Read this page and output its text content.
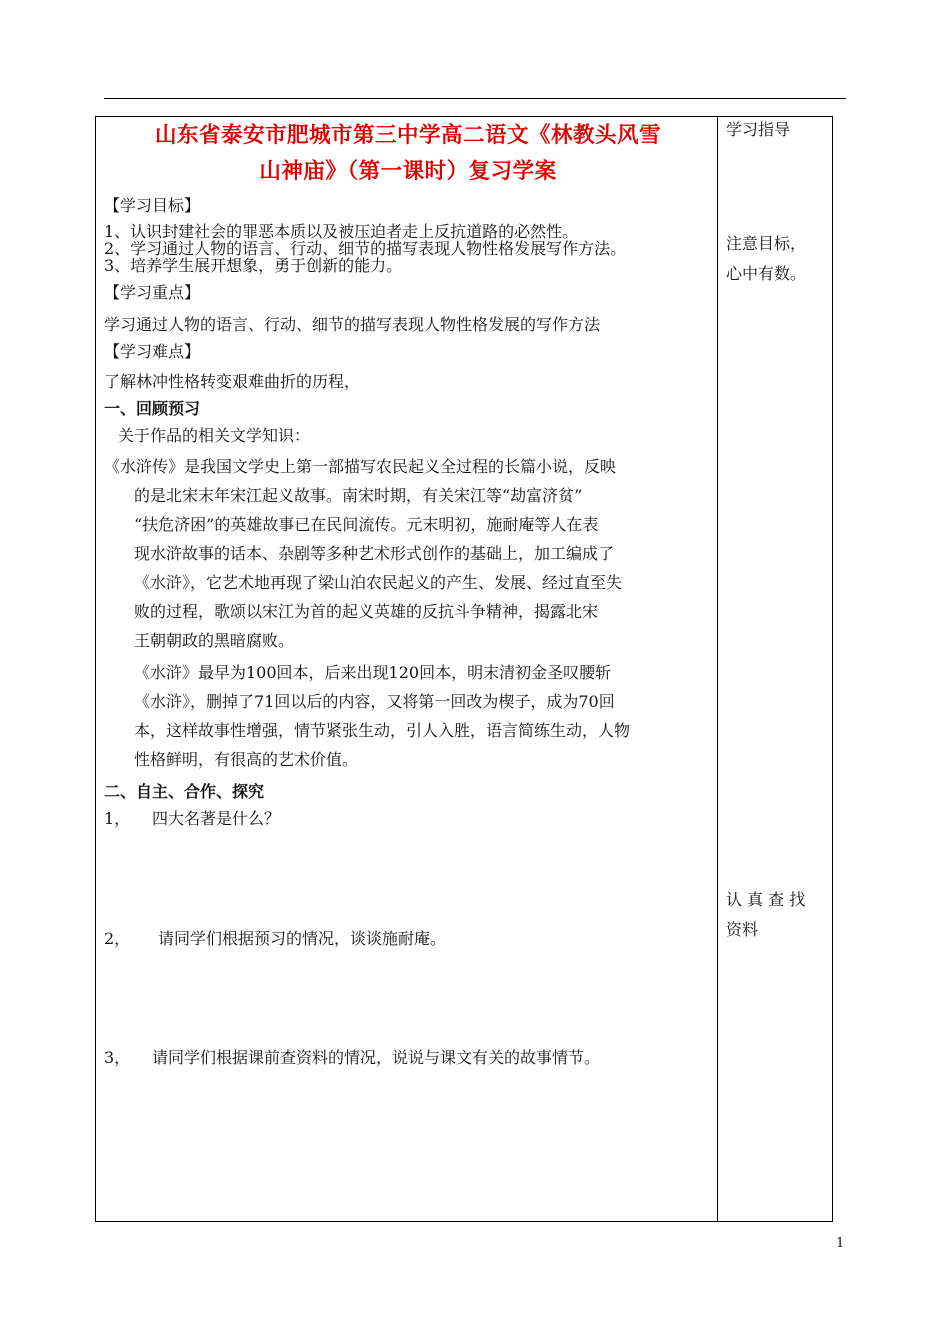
山东省泰安市肥城市第三中学高二语文《林教头风雪
山神庙》（第一课时）复习学案
【学习目标】
1、认识封建社会的罪恶本质以及被压迫者走上反抗道路的必然性。
2、学习通过人物的语言、行动、细节的描写表现人物性格发展写作方法。
3、培养学生展开想象，勇于创新的能力。
【学习重点】
学习通过人物的语言、行动、细节的描写表现人物性格发展的写作方法
【学习难点】
了解林冲性格转变艰难曲折的历程，
一、回顾预习
关于作品的相关文学知识：
《水浒传》是我国文学史上第一部描写农民起义全过程的长篇小说，反映
的是北宋末年宋江起义故事。南宋时期，有关宋江等“劫富济贫”
“扶危济困”的英雄故事已在民间流传。元末明初，施耐庵等人在表
现水浒故事的话本、杂剧等多种艺术形式创作的基础上，加工编成了
《水浒》，它艺术地再现了梁山泊农民起义的产生、发展、经过直至失
败的过程，歌颂以宋江为首的起义英雄的反抗斗争精神，揭露北宋
王朝朝政的黑暗腐败。
《水浒》最早为100回本，后来出现120回本，明末清初金圣叹腰斩
《水浒》，删掉了71回以后的内容，又将第一回改为楔子，成为70回
本，这样故事性增强，情节紧张生动，引人入胜，语言简练生动，人物
性格鲜明，有很高的艺术价值。
二、自主、合作、探究
1， 四大名著是什么？
2， 请同学们根据预习的情况，谈谈施耐庵。
3， 请同学们根据课前查资料的情况，说说与课文有关的故事情节。
学习指导
注意目标，
心中有数。
认 真 查 找
资料
1
